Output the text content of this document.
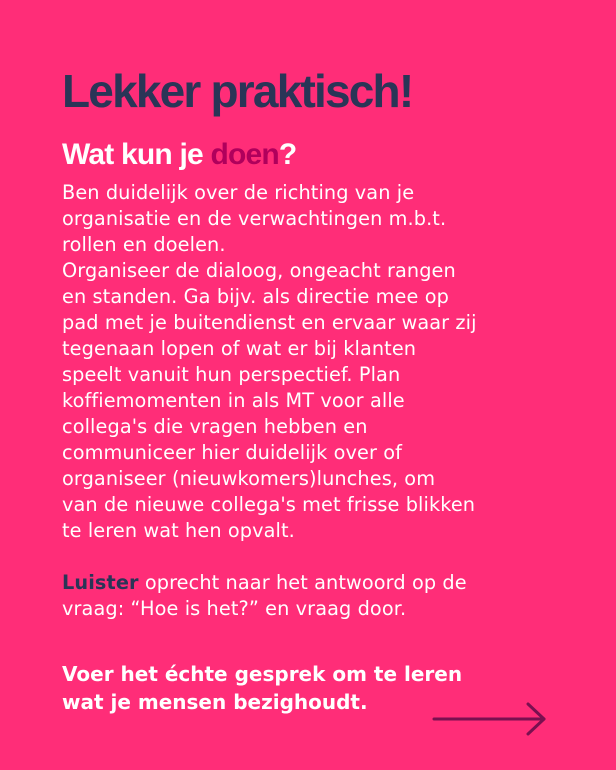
Lekker praktisch!
Wat kun je doen?

Ben duidelijk over de richting van je
organisatie en de verwachtingen m.b.t.
rollen en doelen.
Organiseer de dialoog, ongeacht rangen
en standen. Ga bijv. als directie mee op
pad met je buitendienst en ervaar waar zij
tegenaan lopen of wat er bij klanten
speelt vanuit hun perspectief. Plan
koffiemomenten in als MT voor alle
collega's die vragen hebben en
communiceer hier duidelijk over of
organiseer (nieuwkomers)lunches, om
van de nieuwe collega's met frisse blikken
te leren wat hen opvalt.

Luister oprecht naar het antwoord op de
vraag: “Hoe is het?” en vraag door.

Voer het échte gesprek om te leren
wat je mensen bezighoudt.
